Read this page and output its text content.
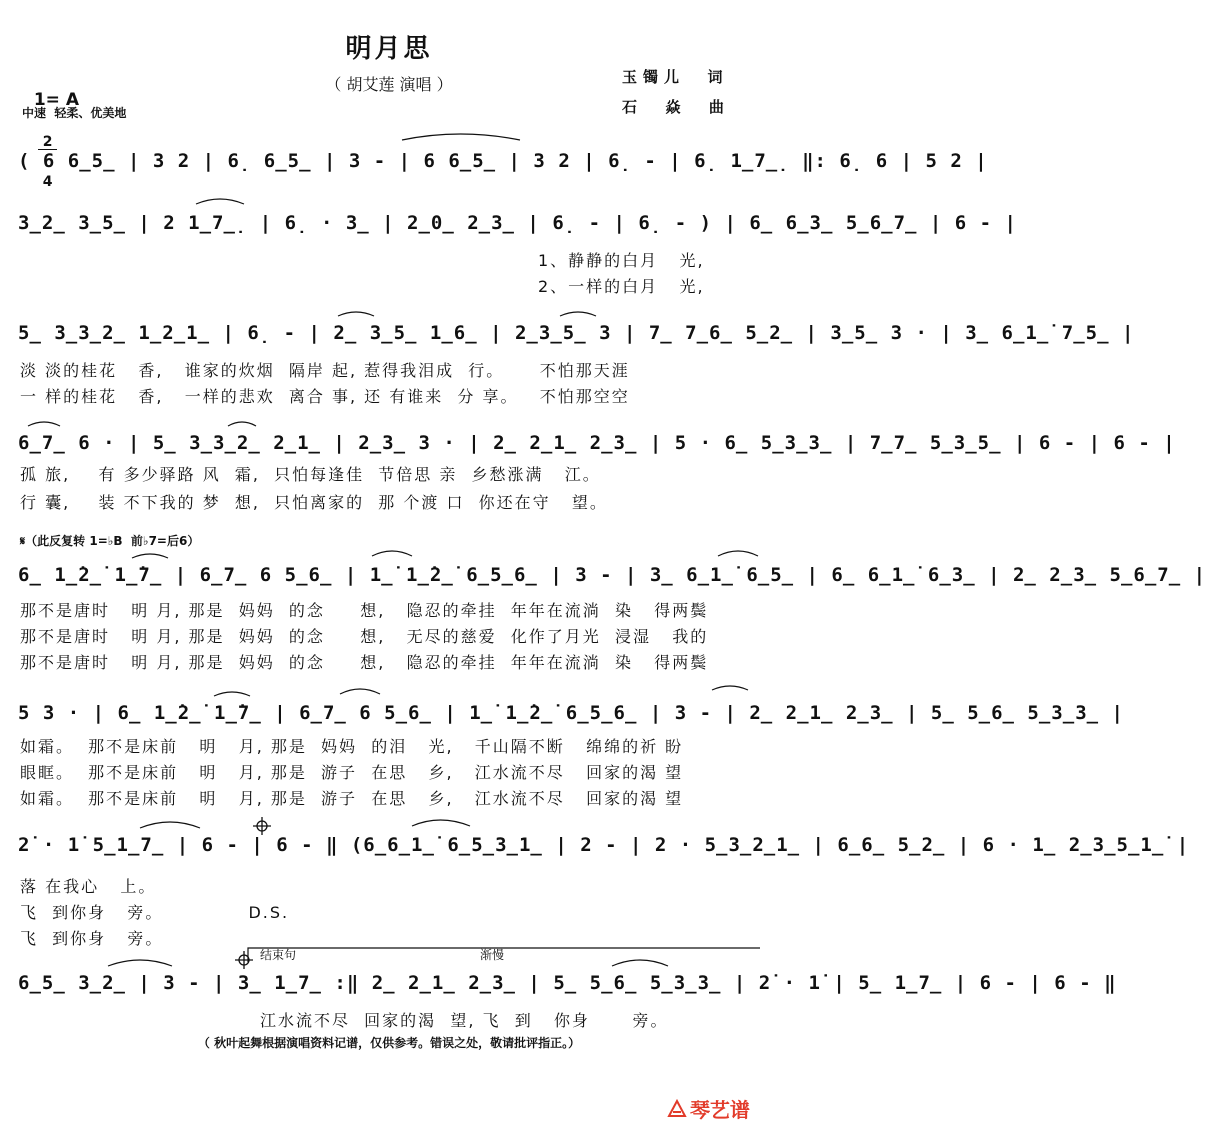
明月思
（ 胡艾莲 演唱 ）

1= A

$\frac{2}{4}$

中速  轻柔、优美地
玉镯儿  词
石  焱  曲
( 6 6̲5̲ | 3 2 | 6̣ 6̲5̲ | 3 - | 6 6̲5̲ | 3 2 | 6̣ - | 6̣ 1̲7̲̣ ‖: 6̣ 6 | 5 2 |
3̲2̲ 3̲5̲ | 2 1̲7̲̣ | 6̣ · 3̲ | 2̲0̲ 2̲3̲ | 6̣ - | 6̣ - ) | 6̲ 6̲3̲ 5̲6̲7̲ | 6 - |
1、静静的白月   光,
2、一样的白月   光,
5̲ 3̲3̲2̲ 1̲2̲1̲ | 6̣ - | 2̲ 3̲5̲ 1̲6̲ | 2̲3̲5̲ 3 | 7̲ 7̲6̲ 5̲2̲ | 3̲5̲ 3 · | 3̲ 6̲1̲̇ 7̲5̲ |
淡 淡的桂花   香,   谁家的炊烟  隔岸 起, 惹得我泪成  行。     不怕那天涯
一 样的桂花   香,   一样的悲欢  离合 事, 还 有谁来  分 享。   不怕那空空
6̲7̲ 6 · | 5̲ 3̲3̲2̲ 2̲1̲ | 2̲3̲ 3 · | 2̲ 2̲1̲ 2̲3̲ | 5 · 6̲ 5̲3̲3̲ | 7̲7̲ 5̲3̲5̲ | 6 - | 6 - |
孤 旅,    有 多少驿路 风  霜,  只怕每逢佳  节倍思 亲  乡愁涨满   江。
行 囊,    装 不下我的 梦  想,  只怕离家的  那 个渡 口  你还在守   望。
𝄋（此反复转 1=♭B  前♭7=后6）
6̲ 1̲̇2̲̇ 1̲̇7̲ | 6̲7̲ 6 5̲6̲ | 1̲̇ 1̲̇2̲̇ 6̲5̲6̲ | 3 - | 3̲ 6̲1̲̇ 6̲5̲ | 6̲ 6̲1̲̇ 6̲3̲ | 2̲ 2̲3̲ 5̲6̲7̲ |
那不是唐时   明 月, 那是  妈妈  的念     想,   隐忍的牵挂  年年在流淌  染   得两鬓
那不是唐时   明 月, 那是  妈妈  的念     想,   无尽的慈爱  化作了月光  浸湿   我的
那不是唐时   明 月, 那是  妈妈  的念     想,   隐忍的牵挂  年年在流淌  染   得两鬓
5 3 · | 6̲ 1̲̇2̲̇ 1̲̇7̲ | 6̲7̲ 6 5̲6̲ | 1̲̇ 1̲̇2̲̇ 6̲5̲6̲ | 3 - | 2̲ 2̲1̲ 2̲3̲ | 5̲ 5̲6̲ 5̲3̲3̲ |
如霜。  那不是床前   明   月, 那是  妈妈  的泪   光,   千山隔不断   绵绵的祈 盼
眼眶。  那不是床前   明   月, 那是  游子  在思   乡,   江水流不尽   回家的渴 望
如霜。  那不是床前   明   月, 那是  游子  在思   乡,   江水流不尽   回家的渴 望
2̇ · 1̇ 5̲1̲7̲ | 6 - | 6 - ‖ (6̲6̲1̲̇ 6̲5̲3̲1̲ | 2 - | 2 · 5̲3̲2̲1̲ | 6̲6̲ 5̲2̲ | 6 · 1̲ 2̲3̲5̲1̲̇ |
落 在我心   上。
飞  到你身   旁。            D.S.
飞  到你身   旁。
结束句	渐慢
6̲5̲ 3̲2̲ | 3 - | 3̲ 1̲7̲ :‖ 2̲ 2̲1̲ 2̲3̲ | 5̲ 5̲6̲ 5̲3̲3̲ | 2̇ · 1̇ | 5̲ 1̲7̲ | 6 - | 6 - ‖
江水流不尽  回家的渴  望, 飞  到   你身      旁。
（ 秋叶起舞根据演唱资料记谱，仅供参考。错误之处，敬请批评指正。）

琴艺谱
